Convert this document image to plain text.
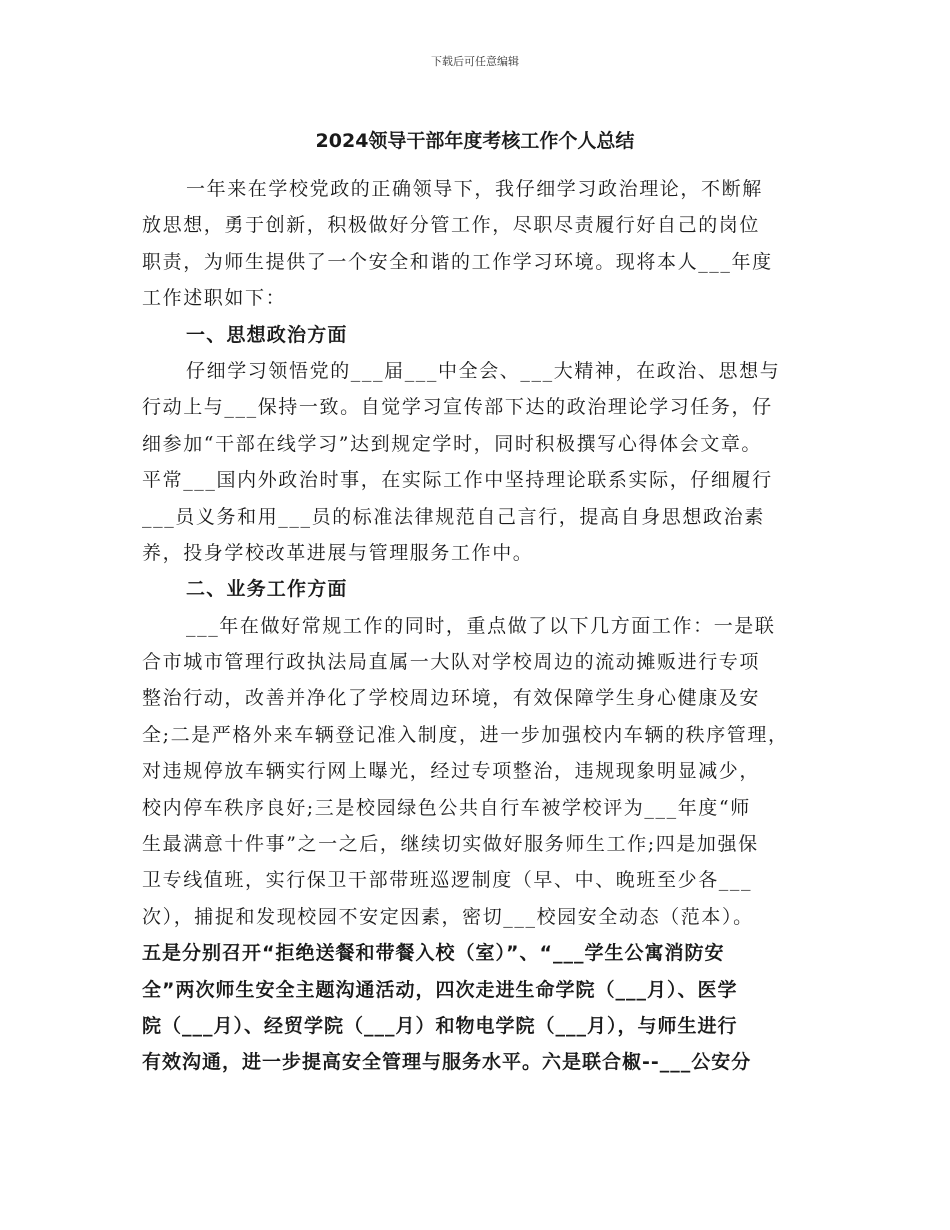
下载后可任意编辑
2024领导干部年度考核工作个人总结
一年来在学校党政的正确领导下，我仔细学习政治理论，不断解
放思想，勇于创新，积极做好分管工作，尽职尽责履行好自己的岗位
职责，为师生提供了一个安全和谐的工作学习环境。现将本人___年度
工作述职如下：
一、思想政治方面
仔细学习领悟党的___届___中全会、___大精神，在政治、思想与
行动上与___保持一致。自觉学习宣传部下达的政治理论学习任务，仔
细参加“干部在线学习”达到规定学时，同时积极撰写心得体会文章。
平常___国内外政治时事，在实际工作中坚持理论联系实际，仔细履行
___员义务和用___员的标准法律规范自己言行，提高自身思想政治素
养，投身学校改革进展与管理服务工作中。
二、业务工作方面
___年在做好常规工作的同时，重点做了以下几方面工作：一是联
合市城市管理行政执法局直属一大队对学校周边的流动摊贩进行专项
整治行动，改善并净化了学校周边环境，有效保障学生身心健康及安
全;二是严格外来车辆登记准入制度，进一步加强校内车辆的秩序管理，
对违规停放车辆实行网上曝光，经过专项整治，违规现象明显减少，
校内停车秩序良好;三是校园绿色公共自行车被学校评为___年度“师
生最满意十件事”之一之后，继续切实做好服务师生工作;四是加强保
卫专线值班，实行保卫干部带班巡逻制度（早、中、晚班至少各___
次），捕捉和发现校园不安定因素，密切___校园安全动态（范本）。
五是分别召开“拒绝送餐和带餐入校（室）”、“___学生公寓消防安
全”两次师生安全主题沟通活动，四次走进生命学院（___月）、医学
院（___月）、经贸学院（___月）和物电学院（___月），与师生进行
有效沟通，进一步提高安全管理与服务水平。六是联合椒--___公安分
